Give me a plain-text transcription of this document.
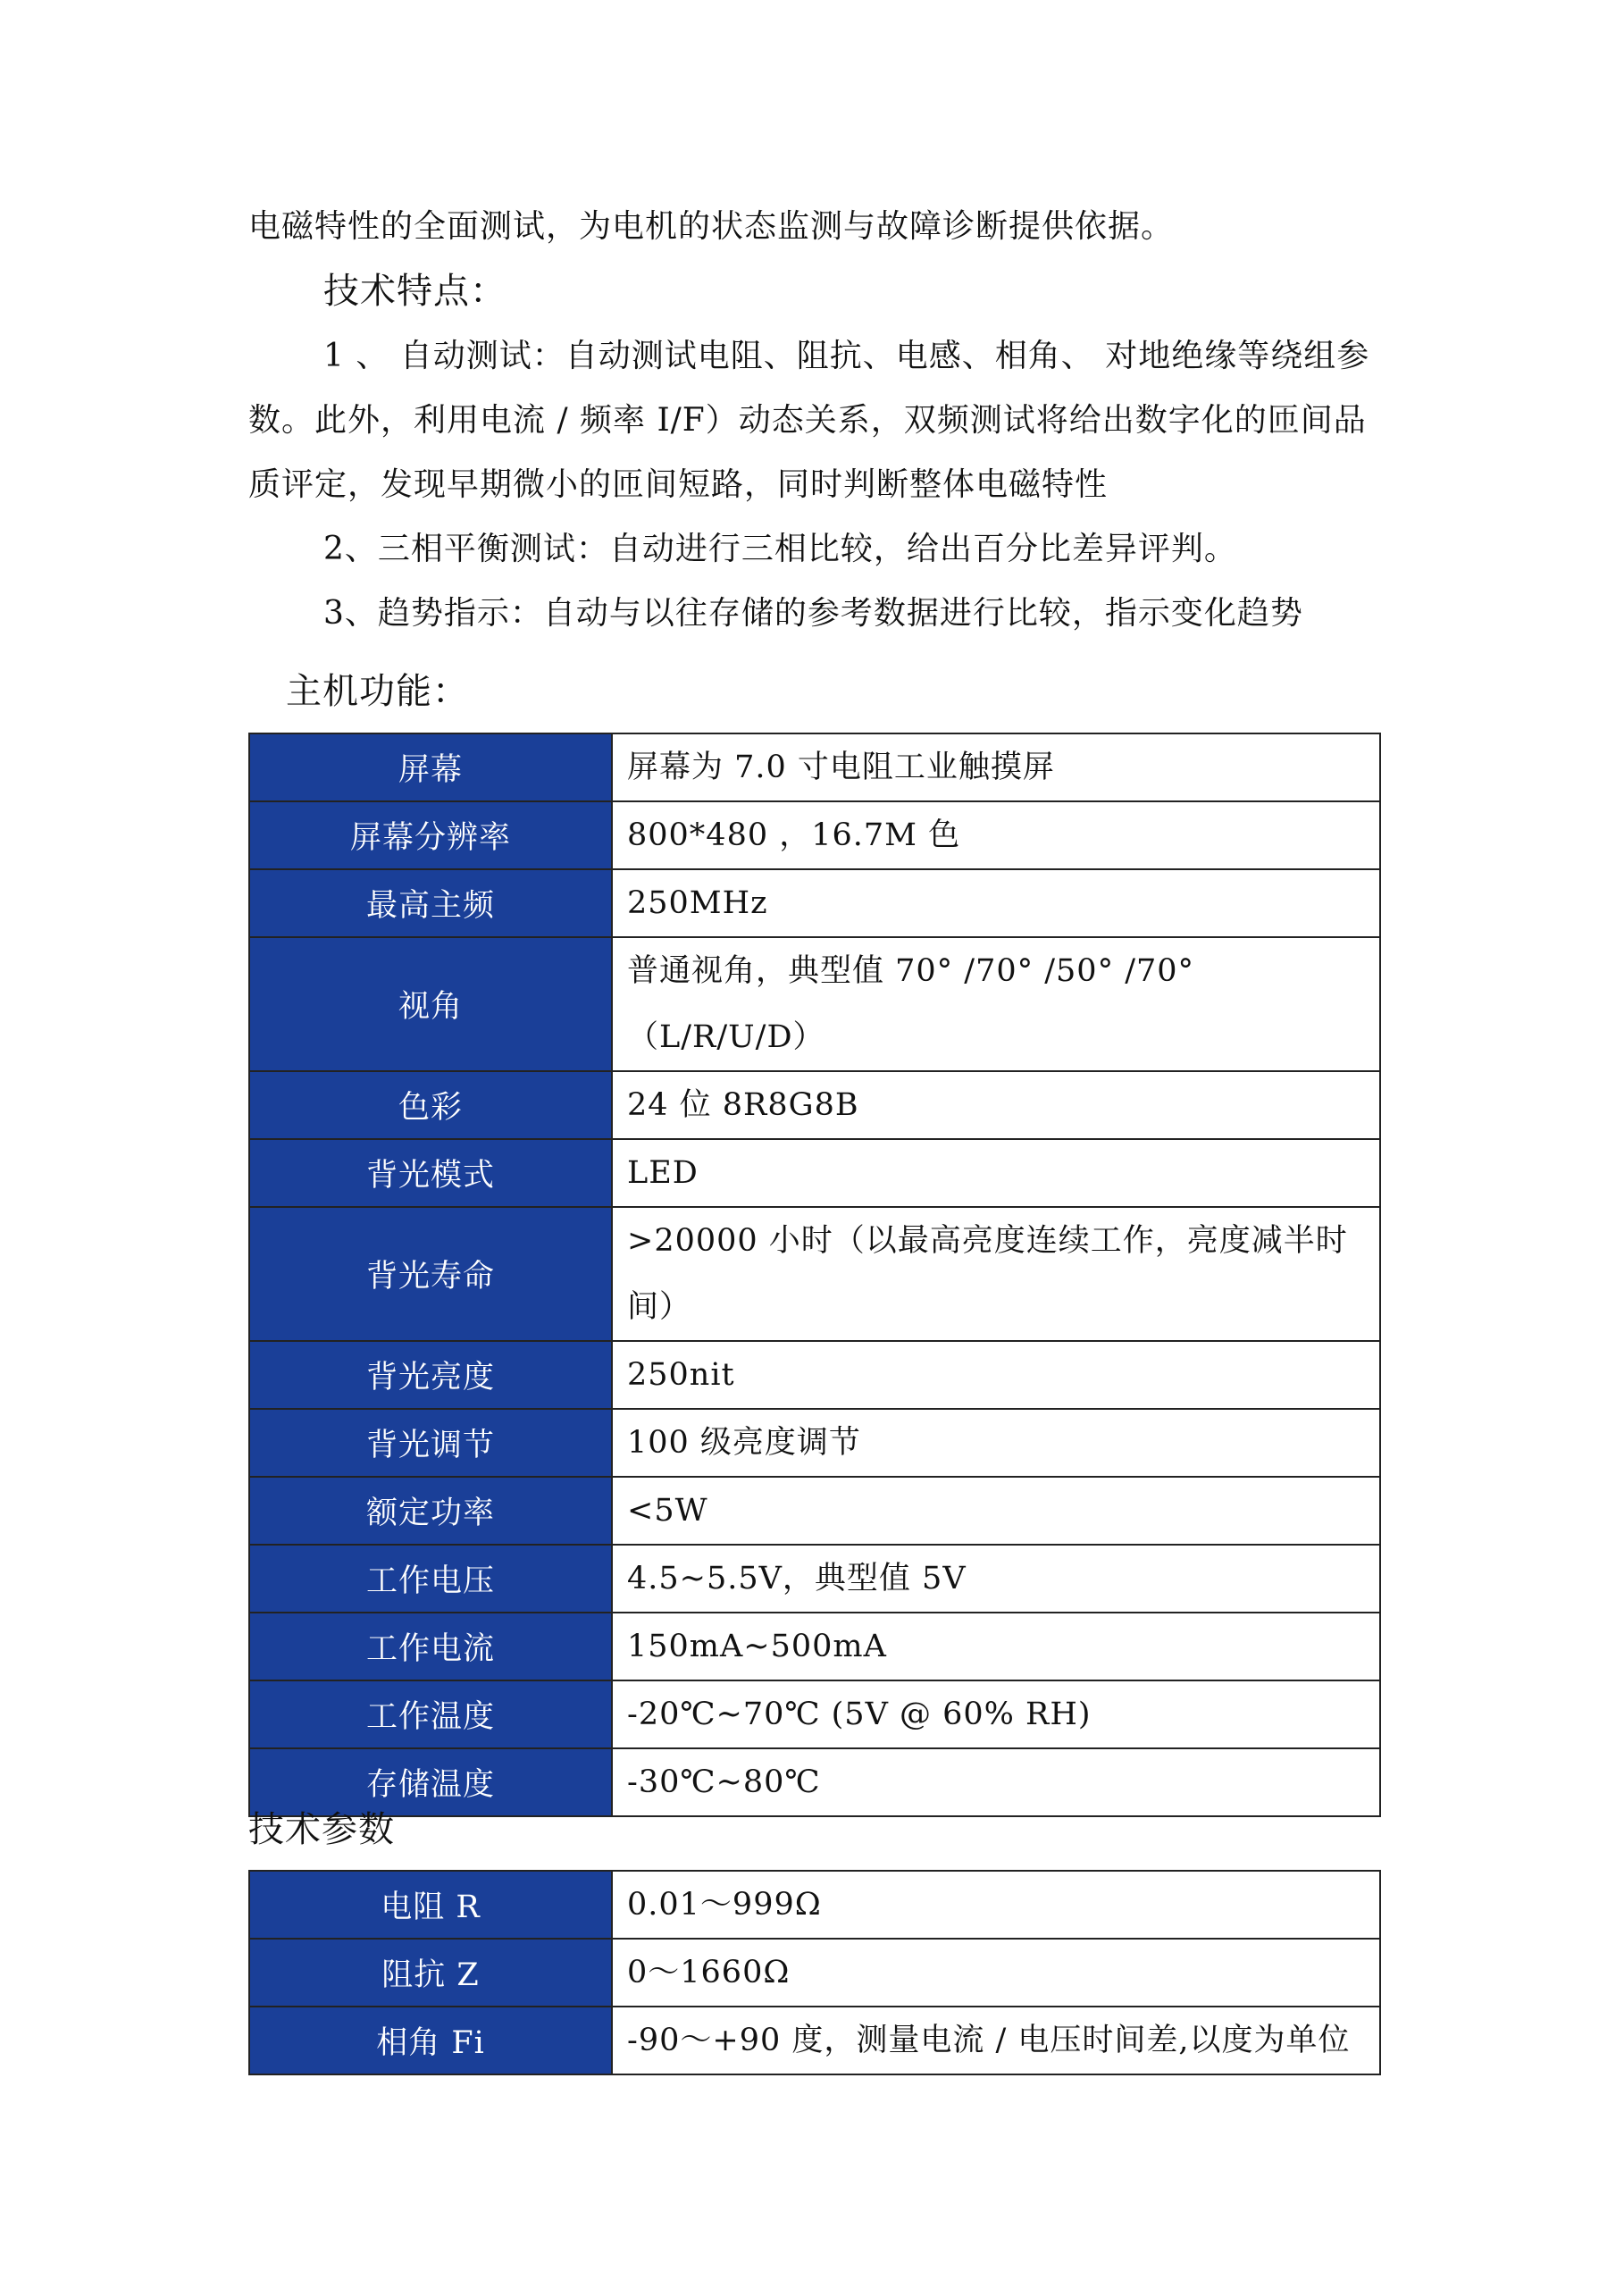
电磁特性的全面测试，为电机的状态监测与故障诊断提供依据。
技术特点：
1 、 自动测试：自动测试电阻、阻抗、电感、相角、 对地绝缘等绕组参
数。此外，利用电流 / 频率 I/F）动态关系，双频测试将给出数字化的匝间品
质评定，发现早期微小的匝间短路，同时判断整体电磁特性
2、三相平衡测试：自动进行三相比较，给出百分比差异评判。
3、趋势指示：自动与以往存储的参考数据进行比较，指示变化趋势
主机功能：
屏幕	屏幕为 7.0 寸电阻工业触摸屏
屏幕分辨率	800*480 ，16.7M 色
最高主频	250MHz
视角	普通视角，典型值 70° /70° /50° /70°
（L/R/U/D）

色彩	24 位 8R8G8B
背光模式	LED
背光寿命	>20000 小时（以最高亮度连续工作，亮度减半时
间）

背光亮度	250nit
背光调节	100 级亮度调节
额定功率	<5W
工作电压	4.5~5.5V，典型值 5V
工作电流	150mA~500mA
工作温度	-20℃~70℃ (5V @ 60% RH)
存储温度	-30℃~80℃
技术参数
电阻 R	0.01～999Ω
阻抗 Z	0～1660Ω
相角 Fi	-90～+90 度，测量电流 / 电压时间差,以度为单位
